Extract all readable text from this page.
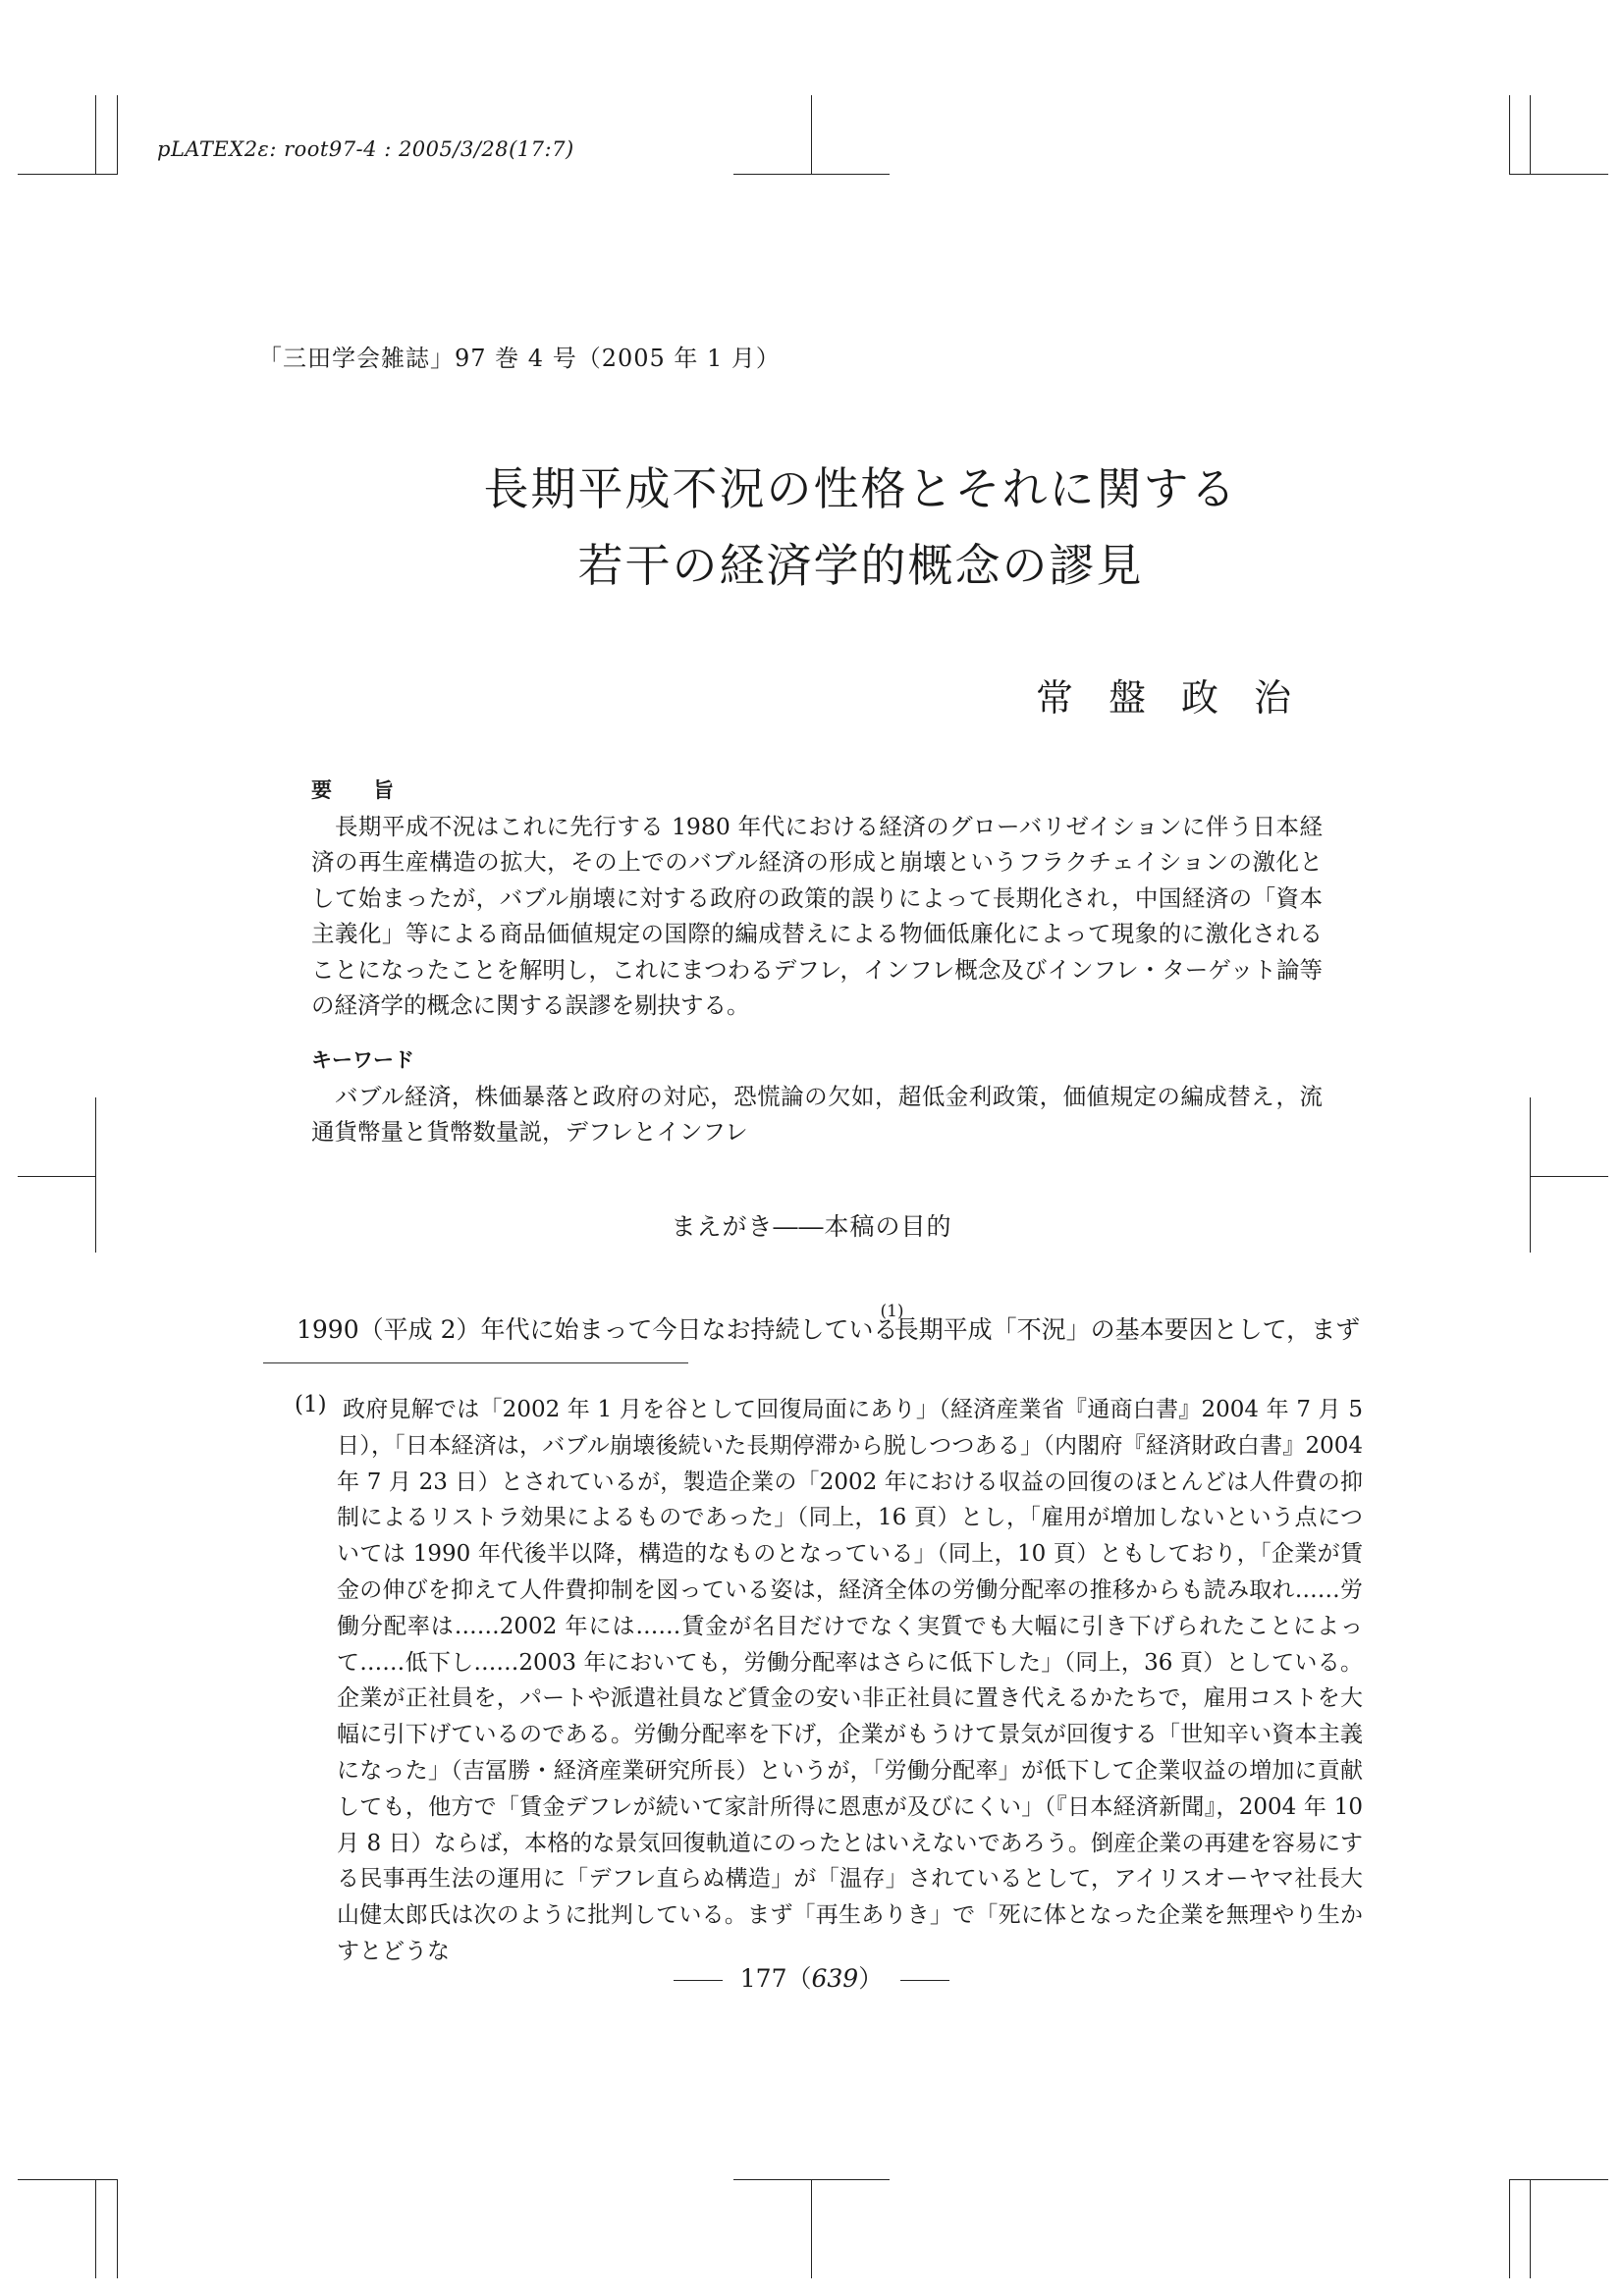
pLATEX2ε: root97-4 : 2005/3/28(17:7)
「三田学会雑誌」97 巻 4 号（2005 年 1 月）
長期平成不況の性格とそれに関する
若干の経済学的概念の謬見
常盤政治
要　　旨
長期平成不況はこれに先行する 1980 年代における経済のグローバリゼイションに伴う日本経済の再生産構造の拡大，その上でのバブル経済の形成と崩壊というフラクチェイションの激化として始まったが，バブル崩壊に対する政府の政策的誤りによって長期化され，中国経済の「資本主義化」等による商品価値規定の国際的編成替えによる物価低廉化によって現象的に激化されることになったことを解明し，これにまつわるデフレ，インフレ概念及びインフレ・ターゲット論等の経済学的概念に関する誤謬を剔抉する。
キーワード
バブル経済，株価暴落と政府の対応，恐慌論の欠如，超低金利政策，価値規定の編成替え，流通貨幣量と貨幣数量説，デフレとインフレ
まえがき――本稿の目的
1990（平成 2）年代に始まって今日なお持続している$^{(1)}$長期平成「不況」の基本要因として，まず
(1) 政府見解では「2002 年 1 月を谷として回復局面にあり」（経済産業省『通商白書』2004 年 7 月 5 日），「日本経済は，バブル崩壊後続いた長期停滞から脱しつつある」（内閣府『経済財政白書』2004 年 7 月 23 日）とされているが，製造企業の「2002 年における収益の回復のほとんどは人件費の抑制によるリストラ効果によるものであった」（同上，16 頁）とし，「雇用が増加しないという点については 1990 年代後半以降，構造的なものとなっている」（同上，10 頁）ともしており，「企業が賃金の伸びを抑えて人件費抑制を図っている姿は，経済全体の労働分配率の推移からも読み取れ……労働分配率は……2002 年には……賃金が名目だけでなく実質でも大幅に引き下げられたことによって……低下し……2003 年においても，労働分配率はさらに低下した」（同上，36 頁）としている。企業が正社員を，パートや派遣社員など賃金の安い非正社員に置き代えるかたちで，雇用コストを大幅に引下げているのである。労働分配率を下げ，企業がもうけて景気が回復する「世知辛い資本主義になった」（吉冨勝・経済産業研究所長）というが，「労働分配率」が低下して企業収益の増加に貢献しても，他方で「賃金デフレが続いて家計所得に恩恵が及びにくい」（『日本経済新聞』，2004 年 10 月 8 日）ならば，本格的な景気回復軌道にのったとはいえないであろう。倒産企業の再建を容易にする民事再生法の運用に「デフレ直らぬ構造」が「温存」されているとして，アイリスオーヤマ社長大山健太郎氏は次のように批判している。まず「再生ありき」で「死に体となった企業を無理やり生かすとどうな
177（639）
